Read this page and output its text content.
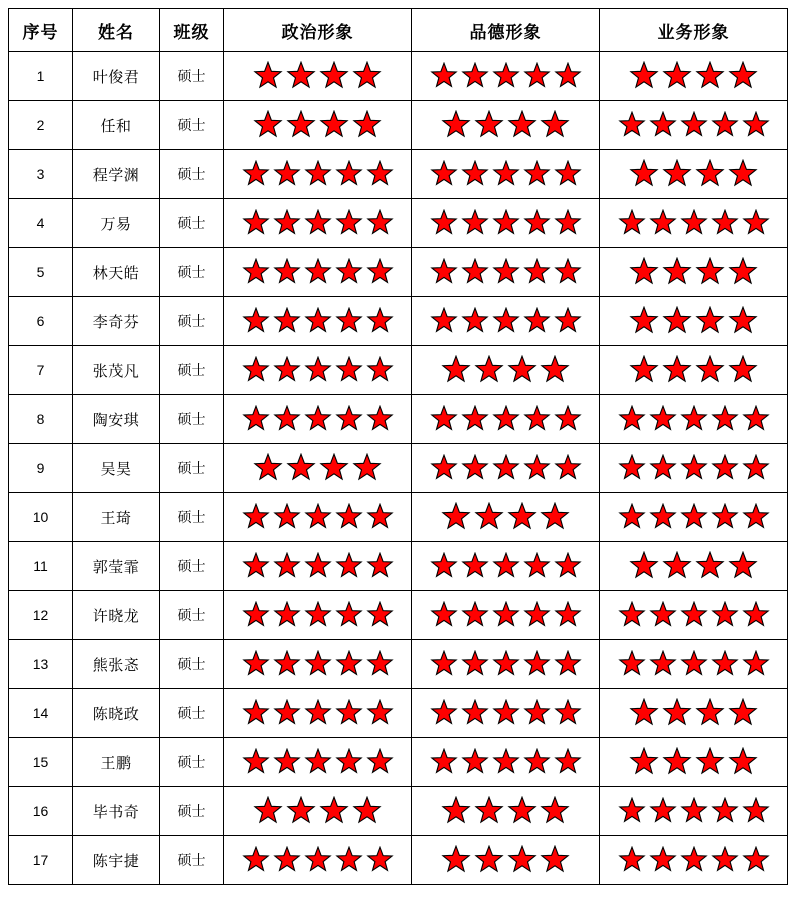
序号	姓名	班级	政治形象	品德形象	业务形象
1	叶俊君	硕士	

2	任和	硕士	

3	程学渊	硕士	

4	万易	硕士	

5	林天皓	硕士	

6	李奇芬	硕士	

7	张茂凡	硕士	

8	陶安琪	硕士	

9	吴昊	硕士	

10	王琦	硕士	

11	郭莹霏	硕士	

12	许晓龙	硕士	

13	熊张忞	硕士	

14	陈晓政	硕士	

15	王鹏	硕士	

16	毕书奇	硕士	

17	陈宇捷	硕士	
